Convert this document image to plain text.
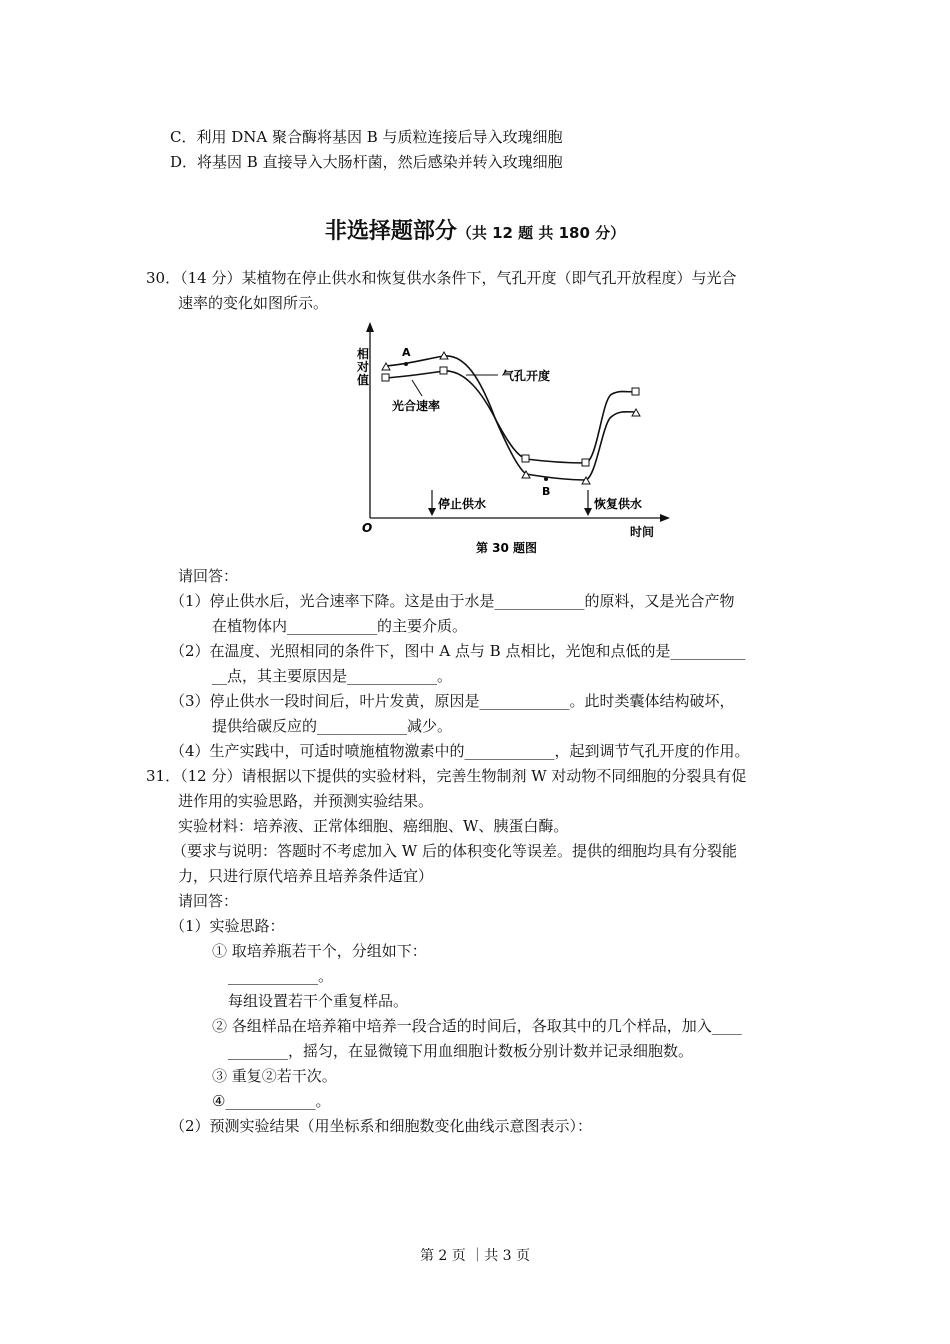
C．利用 DNA 聚合酶将基因 B 与质粒连接后导入玫瑰细胞
D．将基因 B 直接导入大肠杆菌，然后感染并转入玫瑰细胞
非选择题部分（共 12 题 共 180 分）
30．（14 分）某植物在停止供水和恢复供水条件下，气孔开度（即气孔开放程度）与光合
速率的变化如图所示。
相
对
值
O	时间
A
B
气孔开度
光合速率
停止供水	恢复供水
第 30 题图
请回答：
（1）停止供水后，光合速率下降。这是由于水是____________的原料，又是光合产物
在植物体内____________的主要介质。
（2）在温度、光照相同的条件下，图中 A 点与 B 点相比，光饱和点低的是__________
__点，其主要原因是____________。
（3）停止供水一段时间后，叶片发黄，原因是____________。此时类囊体结构破坏，
提供给碳反应的____________减少。
（4）生产实践中，可适时喷施植物激素中的____________，起到调节气孔开度的作用。
31．（12 分）请根据以下提供的实验材料，完善生物制剂 W 对动物不同细胞的分裂具有促
进作用的实验思路，并预测实验结果。
实验材料：培养液、正常体细胞、癌细胞、W、胰蛋白酶。
（要求与说明：答题时不考虑加入 W 后的体积变化等误差。提供的细胞均具有分裂能
力，只进行原代培养且培养条件适宜）
请回答：
（1）实验思路：
① 取培养瓶若干个，分组如下：
____________。
每组设置若干个重复样品。
② 各组样品在培养箱中培养一段合适的时间后，各取其中的几个样品，加入____
________，摇匀，在显微镜下用血细胞计数板分别计数并记录细胞数。
③ 重复②若干次。
④____________。
（2）预测实验结果（用坐标系和细胞数变化曲线示意图表示）：
第 2 页 ｜共 3 页
